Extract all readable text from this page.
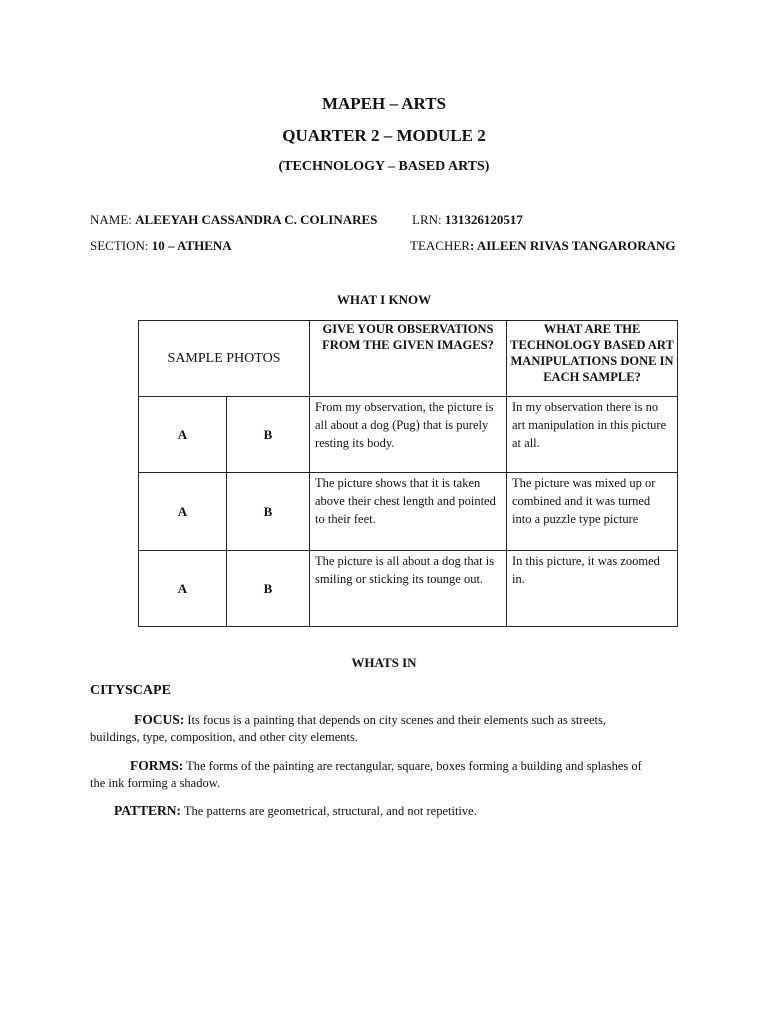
MAPEH – ARTS
QUARTER 2 – MODULE 2
(TECHNOLOGY – BASED ARTS)
NAME: ALEEYAH CASSANDRA C. COLINARES	LRN: 131326120517
SECTION: 10 – ATHENA	TEACHER: AILEEN RIVAS TANGARORANG
WHAT I KNOW
SAMPLE PHOTOS		GIVE YOUR OBSERVATIONS FROM THE GIVEN IMAGES?	WHAT ARE THE TECHNOLOGY BASED ART MANIPULATIONS DONE IN EACH SAMPLE?
A	B	From my observation, the picture is all about a dog (Pug) that is purely resting its body.	In my observation there is no art manipulation in this picture at all.
A	B	The picture shows that it is taken above their chest length and pointed to their feet.	The picture was mixed up or combined and it was turned into a puzzle type picture
A	B	The picture is all about a dog that is smiling or sticking its tounge out.	In this picture, it was zoomed in.
WHATS IN
CITYSCAPE
FOCUS: Its focus is a painting that depends on city scenes and their elements such as streets, buildings, type, composition, and other city elements.
FORMS: The forms of the painting are rectangular, square, boxes forming a building and splashes of the ink forming a shadow.
PATTERN: The patterns are geometrical, structural, and not repetitive.
